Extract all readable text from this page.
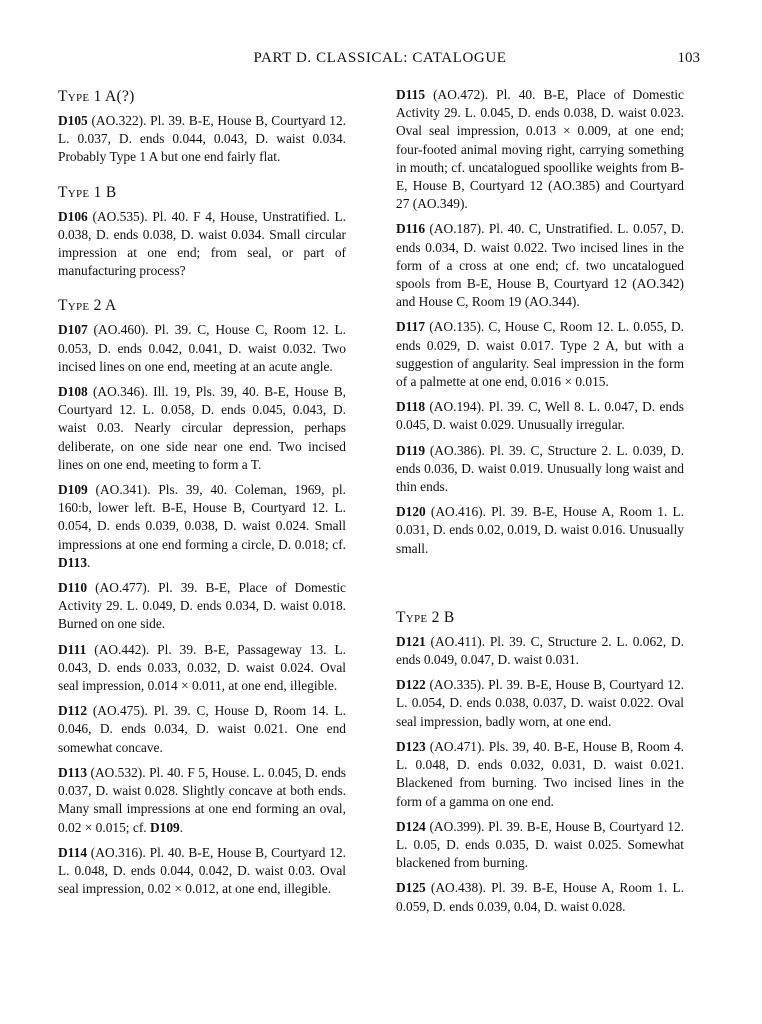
PART D. CLASSICAL: CATALOGUE	103
Type 1 A(?)

D105 (AO.322). Pl. 39. B-E, House B, Courtyard 12. L. 0.037, D. ends 0.044, 0.043, D. waist 0.034. Probably Type 1 A but one end fairly flat.

Type 1 B

D106 (AO.535). Pl. 40. F 4, House, Unstratified. L. 0.038, D. ends 0.038, D. waist 0.034. Small circular impression at one end; from seal, or part of manufacturing process?

Type 2 A

D107 (AO.460). Pl. 39. C, House C, Room 12. L. 0.053, D. ends 0.042, 0.041, D. waist 0.032. Two incised lines on one end, meeting at an acute angle.

D108 (AO.346). Ill. 19, Pls. 39, 40. B-E, House B, Courtyard 12. L. 0.058, D. ends 0.045, 0.043, D. waist 0.03. Nearly circular depression, perhaps deliberate, on one side near one end. Two incised lines on one end, meeting to form a T.

D109 (AO.341). Pls. 39, 40. Coleman, 1969, pl. 160:b, lower left. B-E, House B, Courtyard 12. L. 0.054, D. ends 0.039, 0.038, D. waist 0.024. Small impressions at one end forming a circle, D. 0.018; cf. D113.

D110 (AO.477). Pl. 39. B-E, Place of Domestic Activity 29. L. 0.049, D. ends 0.034, D. waist 0.018. Burned on one side.

D111 (AO.442). Pl. 39. B-E, Passageway 13. L. 0.043, D. ends 0.033, 0.032, D. waist 0.024. Oval seal impression, 0.014 × 0.011, at one end, illegible.

D112 (AO.475). Pl. 39. C, House D, Room 14. L. 0.046, D. ends 0.034, D. waist 0.021. One end somewhat concave.

D113 (AO.532). Pl. 40. F 5, House. L. 0.045, D. ends 0.037, D. waist 0.028. Slightly concave at both ends. Many small impressions at one end forming an oval, 0.02 × 0.015; cf. D109.

D114 (AO.316). Pl. 40. B-E, House B, Courtyard 12. L. 0.048, D. ends 0.044, 0.042, D. waist 0.03. Oval seal impression, 0.02 × 0.012, at one end, illegible.

D115 (AO.472). Pl. 40. B-E, Place of Domestic Activity 29. L. 0.045, D. ends 0.038, D. waist 0.023. Oval seal impression, 0.013 × 0.009, at one end; four-footed animal moving right, carrying something in mouth; cf. uncatalogued spoollike weights from B-E, House B, Courtyard 12 (AO.385) and Courtyard 27 (AO.349).

D116 (AO.187). Pl. 40. C, Unstratified. L. 0.057, D. ends 0.034, D. waist 0.022. Two incised lines in the form of a cross at one end; cf. two uncatalogued spools from B-E, House B, Courtyard 12 (AO.342) and House C, Room 19 (AO.344).

D117 (AO.135). C, House C, Room 12. L. 0.055, D. ends 0.029, D. waist 0.017. Type 2 A, but with a suggestion of angularity. Seal impression in the form of a palmette at one end, 0.016 × 0.015.

D118 (AO.194). Pl. 39. C, Well 8. L. 0.047, D. ends 0.045, D. waist 0.029. Unusually irregular.

D119 (AO.386). Pl. 39. C, Structure 2. L. 0.039, D. ends 0.036, D. waist 0.019. Unusually long waist and thin ends.

D120 (AO.416). Pl. 39. B-E, House A, Room 1. L. 0.031, D. ends 0.02, 0.019, D. waist 0.016. Unusually small.

Type 2 B

D121 (AO.411). Pl. 39. C, Structure 2. L. 0.062, D. ends 0.049, 0.047, D. waist 0.031.

D122 (AO.335). Pl. 39. B-E, House B, Courtyard 12. L. 0.054, D. ends 0.038, 0.037, D. waist 0.022. Oval seal impression, badly worn, at one end.

D123 (AO.471). Pls. 39, 40. B-E, House B, Room 4. L. 0.048, D. ends 0.032, 0.031, D. waist 0.021. Blackened from burning. Two incised lines in the form of a gamma on one end.

D124 (AO.399). Pl. 39. B-E, House B, Courtyard 12. L. 0.05, D. ends 0.035, D. waist 0.025. Somewhat blackened from burning.

D125 (AO.438). Pl. 39. B-E, House A, Room 1. L. 0.059, D. ends 0.039, 0.04, D. waist 0.028.
